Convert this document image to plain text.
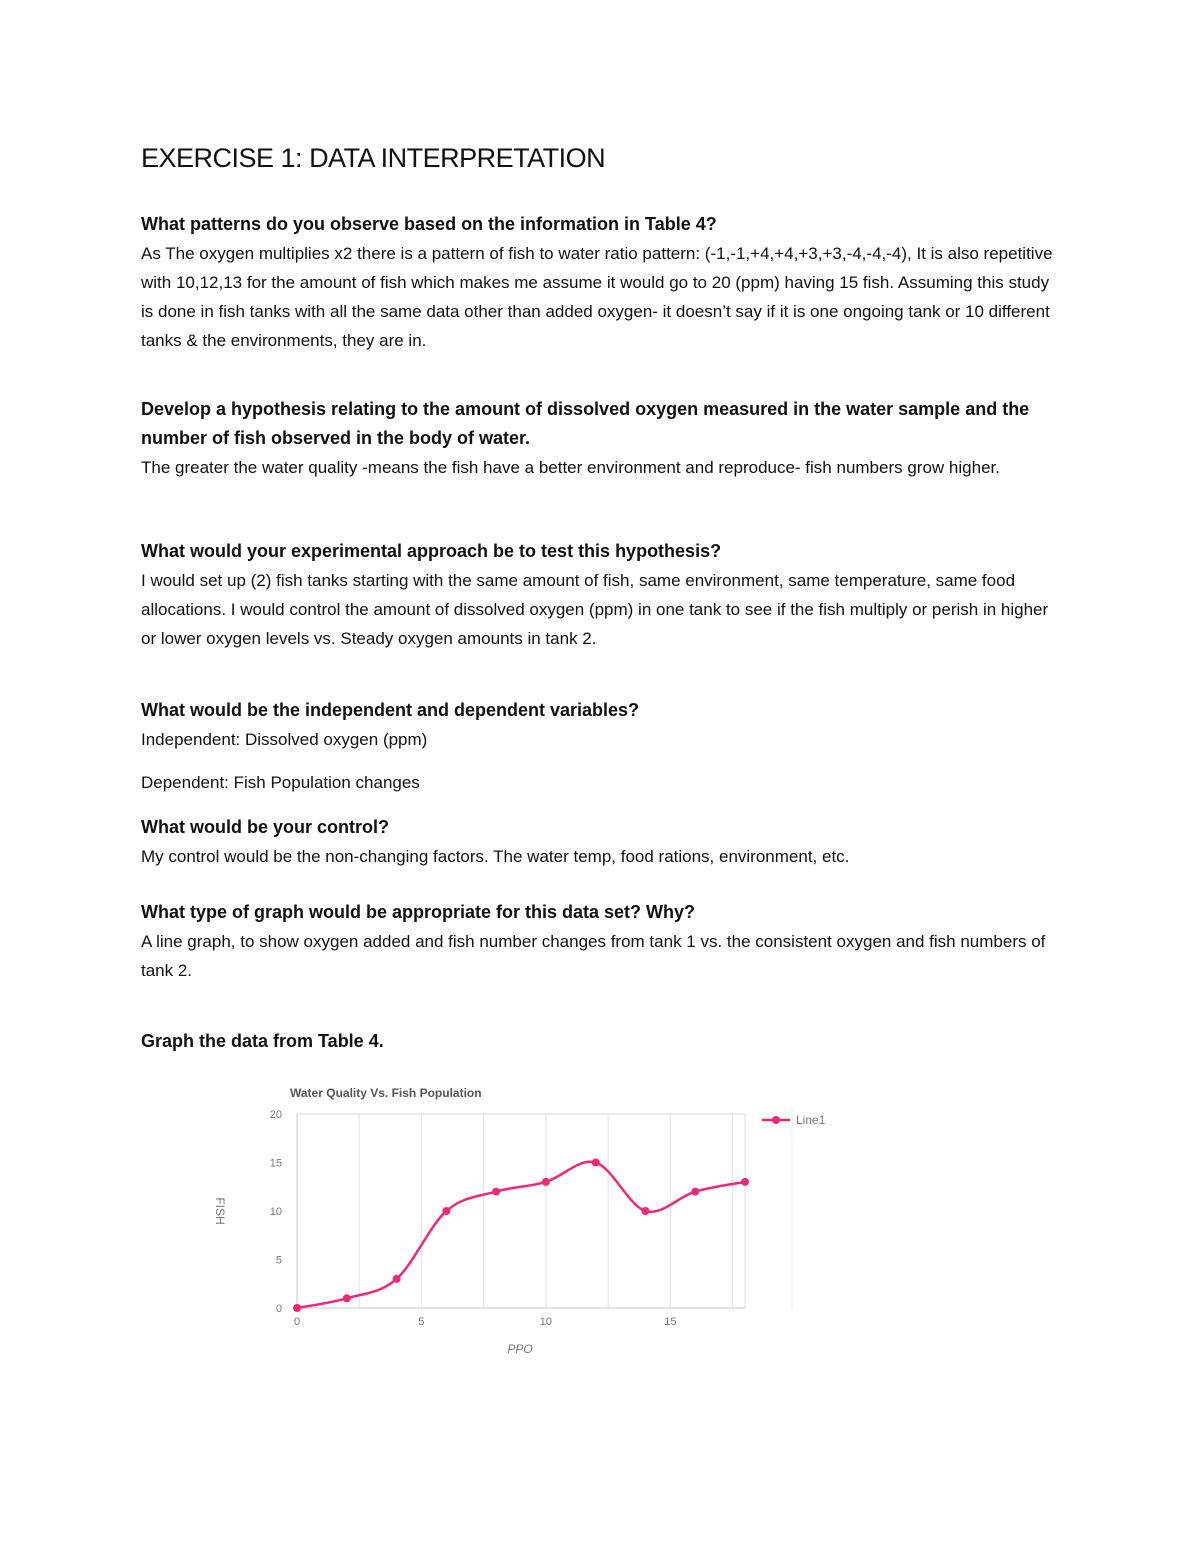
EXERCISE 1: DATA INTERPRETATION

What patterns do you observe based on the information in Table 4?

As The oxygen multiplies x2 there is a pattern of fish to water ratio pattern: (-1,-1,+4,+4,+3,+3,-4,-4,-4), It is also repetitive with 10,12,13 for the amount of fish which makes me assume it would go to 20 (ppm) having 15 fish. Assuming this study is done in fish tanks with all the same data other than added oxygen- it doesn’t say if it is one ongoing tank or 10 different tanks & the environments, they are in.

Develop a hypothesis relating to the amount of dissolved oxygen measured in the water sample and the number of fish observed in the body of water.

The greater the water quality -means the fish have a better environment and reproduce- fish numbers grow higher.

What would your experimental approach be to test this hypothesis?

I would set up (2) fish tanks starting with the same amount of fish, same environment, same temperature, same food allocations. I would control the amount of dissolved oxygen (ppm) in one tank to see if the fish multiply or perish in higher or lower oxygen levels vs. Steady oxygen amounts in tank 2.

What would be the independent and dependent variables?

Independent: Dissolved oxygen (ppm)

Dependent: Fish Population changes

What would be your control?

My control would be the non-changing factors. The water temp, food rations, environment, etc.

What type of graph would be appropriate for this data set? Why?

A line graph, to show oxygen added and fish number changes from tank 1 vs. the consistent oxygen and fish numbers of tank 2.

Graph the data from Table 4.

0	5	10	15
0
5
10
15
20
Water Quality Vs. Fish Population
PPO
FISH
Line1
